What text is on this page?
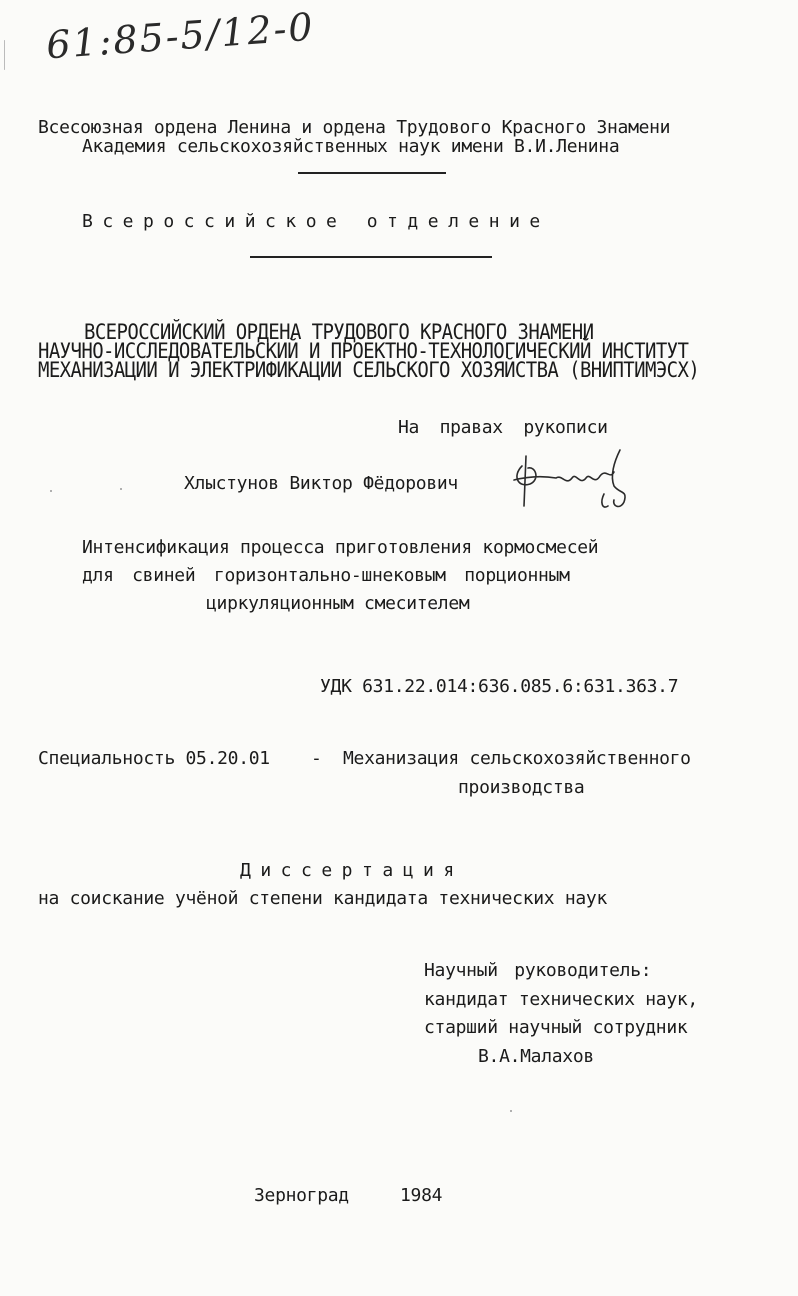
61:85-5/12-0
Всесоюзная ордена Ленина и ордена Трудового Красного Знамени
Академия сельскохозяйственных наук имени В.И.Ленина
Всероссийское отделение
ВСЕРОССИЙСКИЙ ОРДЕНА ТРУДОВОГО КРАСНОГО ЗНАМЕНИ
НАУЧНО-ИССЛЕДОВАТЕЛЬСКИЙ И ПРОЕКТНО-ТЕХНОЛОГИЧЕСКИЙ ИНСТИТУТ
МЕХАНИЗАЦИИ И ЭЛЕКТРИФИКАЦИИ СЕЛЬСКОГО ХОЗЯЙСТВА (ВНИПТИМЭСХ)
На правах рукописи
Хлыстунов Виктор Фёдорович
Интенсификация процесса приготовления кормосмесей
для свиней горизонтально-шнековым порционным
циркуляционным смесителем
УДК 631.22.014:636.085.6:631.363.7
Специальность 05.20.01 - Механизация сельскохозяйственного
производства
Диссертация
на соискание учёной степени кандидата технических наук
Научный руководитель:
кандидат технических наук,
старший научный сотрудник
В.А.Малахов
Зерноград	1984
